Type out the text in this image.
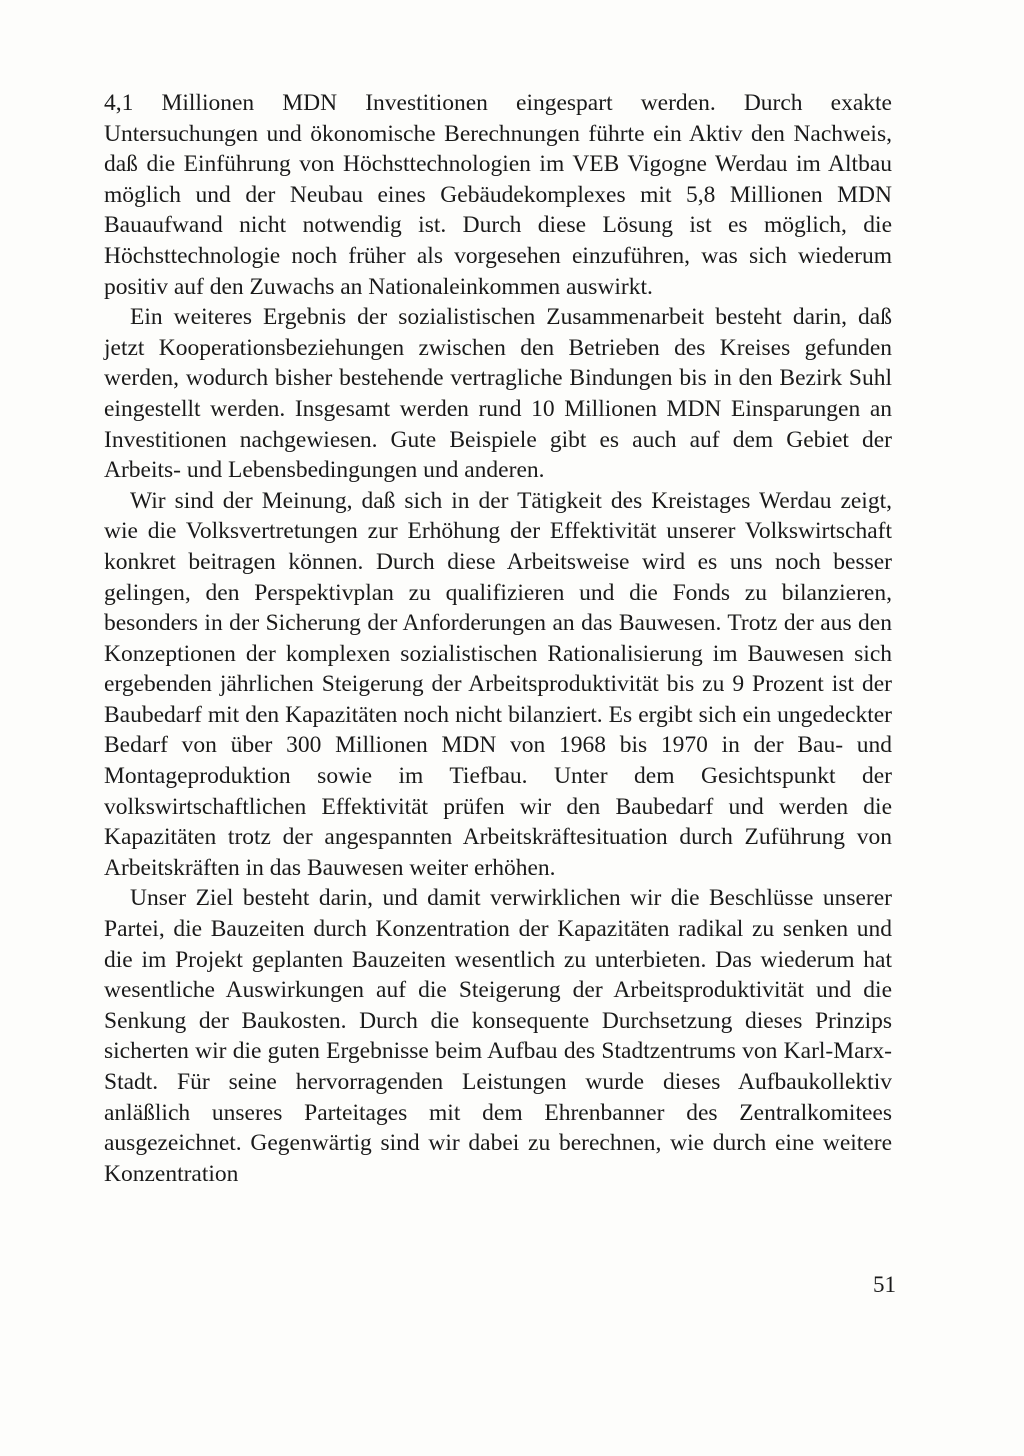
4,1 Millionen MDN Investitionen eingespart werden. Durch exakte Untersuchungen und ökonomische Berechnungen führte ein Aktiv den Nachweis, daß die Einführung von Höchsttechnologien im VEB Vigogne Werdau im Altbau möglich und der Neubau eines Gebäudekomplexes mit 5,8 Millionen MDN Bauaufwand nicht notwendig ist. Durch diese Lösung ist es möglich, die Höchsttechnologie noch früher als vorgesehen einzuführen, was sich wiederum positiv auf den Zuwachs an Nationaleinkommen auswirkt.

Ein weiteres Ergebnis der sozialistischen Zusammenarbeit besteht darin, daß jetzt Kooperationsbeziehungen zwischen den Betrieben des Kreises gefunden werden, wodurch bisher bestehende vertragliche Bindungen bis in den Bezirk Suhl eingestellt werden. Insgesamt werden rund 10 Millionen MDN Einsparungen an Investitionen nachgewiesen. Gute Beispiele gibt es auch auf dem Gebiet der Arbeits- und Lebensbedingungen und anderen.

Wir sind der Meinung, daß sich in der Tätigkeit des Kreistages Werdau zeigt, wie die Volksvertretungen zur Erhöhung der Effektivität unserer Volkswirtschaft konkret beitragen können. Durch diese Arbeitsweise wird es uns noch besser gelingen, den Perspektivplan zu qualifizieren und die Fonds zu bilanzieren, besonders in der Sicherung der Anforderungen an das Bauwesen. Trotz der aus den Konzeptionen der komplexen sozialistischen Rationalisierung im Bauwesen sich ergebenden jährlichen Steigerung der Arbeitsproduktivität bis zu 9 Prozent ist der Baubedarf mit den Kapazitäten noch nicht bilanziert. Es ergibt sich ein ungedeckter Bedarf von über 300 Millionen MDN von 1968 bis 1970 in der Bau- und Montageproduktion sowie im Tiefbau. Unter dem Gesichtspunkt der volkswirtschaftlichen Effektivität prüfen wir den Baubedarf und werden die Kapazitäten trotz der angespannten Arbeitskräftesituation durch Zuführung von Arbeitskräften in das Bauwesen weiter erhöhen.

Unser Ziel besteht darin, und damit verwirklichen wir die Beschlüsse unserer Partei, die Bauzeiten durch Konzentration der Kapazitäten radikal zu senken und die im Projekt geplanten Bauzeiten wesentlich zu unterbieten. Das wiederum hat wesentliche Auswirkungen auf die Steigerung der Arbeitsproduktivität und die Senkung der Baukosten. Durch die konsequente Durchsetzung dieses Prinzips sicherten wir die guten Ergebnisse beim Aufbau des Stadtzentrums von Karl-Marx-Stadt. Für seine hervorragenden Leistungen wurde dieses Aufbaukollektiv anläßlich unseres Parteitages mit dem Ehrenbanner des Zentralkomitees ausgezeichnet. Gegenwärtig sind wir dabei zu berechnen, wie durch eine weitere Konzentration

51
